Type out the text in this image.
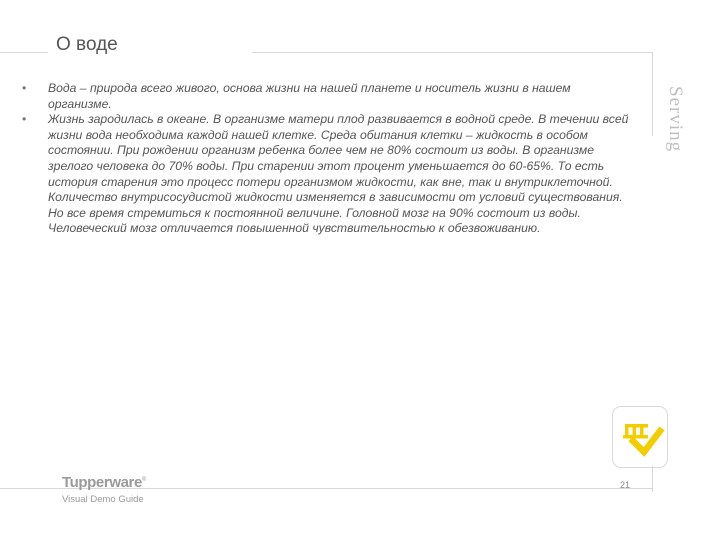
О воде
Serving
• Вода – природа всего живого, основа жизни на нашей планете и носитель жизни в нашем организме.
• Жизнь зародилась в океане. В организме матери плод развивается в водной среде. В течении всей жизни вода необходима каждой нашей клетке. Среда обитания клетки – жидкость в особом состоянии. При рождении организм ребенка более чем не 80% состоит из воды. В организме зрелого человека до 70% воды. При старении этот процент уменьшается до 60-65%. То есть история старения это процесс потери организмом жидкости, как вне, так и внутриклеточной. Количество внутрисосудистой жидкости изменяется в зависимости от условий существования. Но все время стремиться к постоянной величине. Головной мозг на 90% состоит из воды. Человеческий мозг отличается повышенной чувствительностью к обезвоживанию.
21
Tupperware®
Visual Demo Guide
